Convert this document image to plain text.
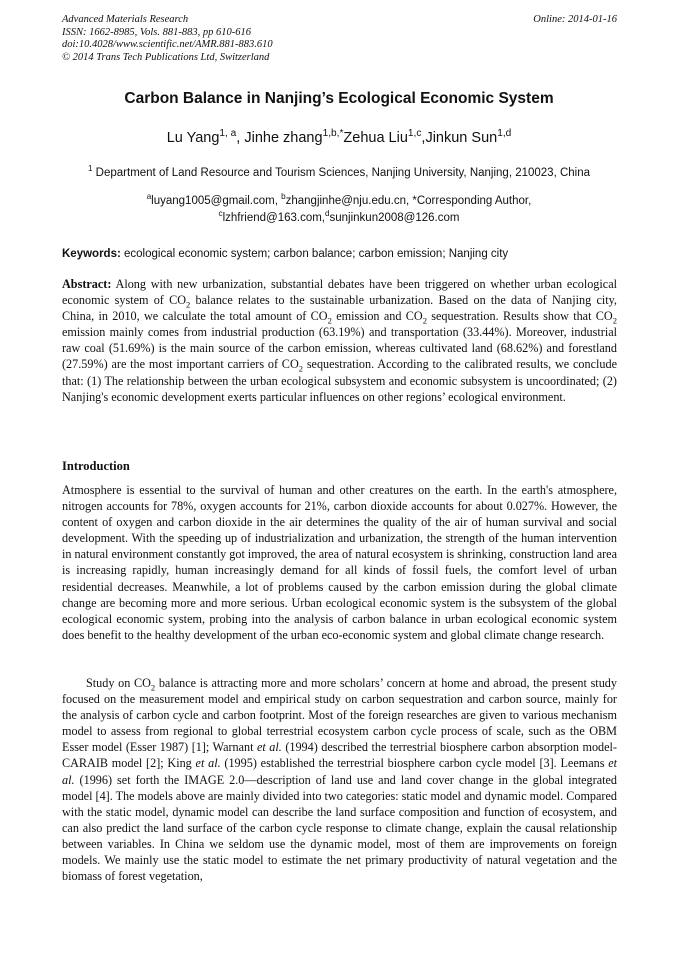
Advanced Materials Research
ISSN: 1662-8985, Vols. 881-883, pp 610-616
doi:10.4028/www.scientific.net/AMR.881-883.610
© 2014 Trans Tech Publications Ltd, Switzerland
Online: 2014-01-16
Carbon Balance in Nanjing’s Ecological Economic System
Lu Yang$^{1, a}$, Jinhe zhang$^{1,b,*}$Zehua Liu$^{1,c}$,Jinkun Sun$^{1,d}$
$^1$ Department of Land Resource and Tourism Sciences, Nanjing University, Nanjing, 210023, China
$^a$luyang1005@gmail.com, $^b$zhangjinhe@nju.edu.cn, *Corresponding Author,
$^c$lzhfriend@163.com,$^d$sunjinkun2008@126.com
Keywords: ecological economic system; carbon balance; carbon emission; Nanjing city

Abstract: Along with new urbanization, substantial debates have been triggered on whether urban ecological economic system of $CO_2$ balance relates to the sustainable urbanization. Based on the data of Nanjing city, China, in 2010, we calculate the total amount of $CO_2$ emission and $CO_2$ sequestration. Results show that $CO_2$ emission mainly comes from industrial production (63.19%) and transportation (33.44%). Moreover, industrial raw coal (51.69%) is the main source of the carbon emission, whereas cultivated land (68.62%) and forestland (27.59%) are the most important carriers of $CO_2$ sequestration. According to the calibrated results, we conclude that: (1) The relationship between the urban ecological subsystem and economic subsystem is uncoordinated; (2) Nanjing's economic development exerts particular influences on other regions’ ecological environment.

Introduction

Atmosphere is essential to the survival of human and other creatures on the earth. In the earth's atmosphere, nitrogen accounts for 78%, oxygen accounts for 21%, carbon dioxide accounts for about 0.027%. However, the content of oxygen and carbon dioxide in the air determines the quality of the air of human survival and social development. With the speeding up of industrialization and urbanization, the strength of the human intervention in natural environment constantly got improved, the area of natural ecosystem is shrinking, construction land area is increasing rapidly, human increasingly demand for all kinds of fossil fuels, the comfort level of urban residential decreases. Meanwhile, a lot of problems caused by the carbon emission during the global climate change are becoming more and more serious. Urban ecological economic system is the subsystem of the global ecological economic system, probing into the analysis of carbon balance in urban ecological economic system does benefit to the healthy development of the urban eco-economic system and global climate change research.

Study on $CO_2$ balance is attracting more and more scholars’ concern at home and abroad, the present study focused on the measurement model and empirical study on carbon sequestration and carbon source, mainly for the analysis of carbon cycle and carbon footprint. Most of the foreign researches are given to various mechanism model to assess from regional to global terrestrial ecosystem carbon cycle process of scale, such as the OBM Esser model (Esser 1987) [1]; Warnant et al. (1994) described the terrestrial biosphere carbon absorption model-CARAIB model [2]; King et al. (1995) established the terrestrial biosphere carbon cycle model [3]. Leemans et al. (1996) set forth the IMAGE 2.0—description of land use and land cover change in the global integrated model [4]. The models above are mainly divided into two categories: static model and dynamic model. Compared with the static model, dynamic model can describe the land surface composition and function of ecosystem, and can also predict the land surface of the carbon cycle response to climate change, explain the causal relationship between variables. In China we seldom use the dynamic model, most of them are improvements on foreign models. We mainly use the static model to estimate the net primary productivity of natural vegetation and the biomass of forest vegetation,
